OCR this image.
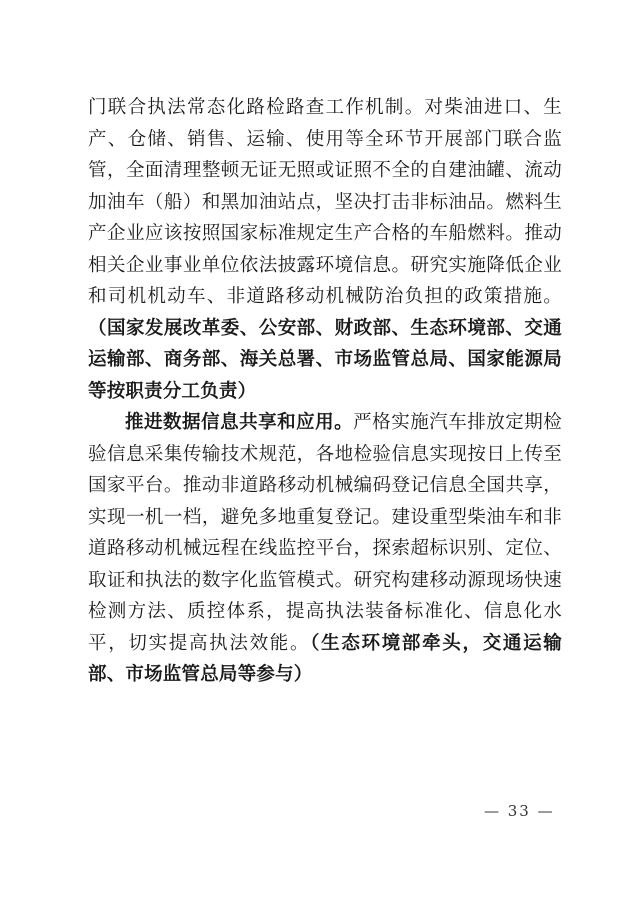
门联合执法常态化路检路查工作机制。对柴油进口、生产、仓储、销售、运输、使用等全环节开展部门联合监管，全面清理整顿无证无照或证照不全的自建油罐、流动加油车（船）和黑加油站点，坚决打击非标油品。燃料生产企业应该按照国家标准规定生产合格的车船燃料。推动相关企业事业单位依法披露环境信息。研究实施降低企业和司机机动车、非道路移动机械防治负担的政策措施。（国家发展改革委、公安部、财政部、生态环境部、交通运输部、商务部、海关总署、市场监管总局、国家能源局等按职责分工负责）

推进数据信息共享和应用。严格实施汽车排放定期检验信息采集传输技术规范，各地检验信息实现按日上传至国家平台。推动非道路移动机械编码登记信息全国共享，实现一机一档，避免多地重复登记。建设重型柴油车和非道路移动机械远程在线监控平台，探索超标识别、定位、取证和执法的数字化监管模式。研究构建移动源现场快速检测方法、质控体系，提高执法装备标准化、信息化水平，切实提高执法效能。（生态环境部牵头，交通运输部、市场监管总局等参与）

— 33 —
